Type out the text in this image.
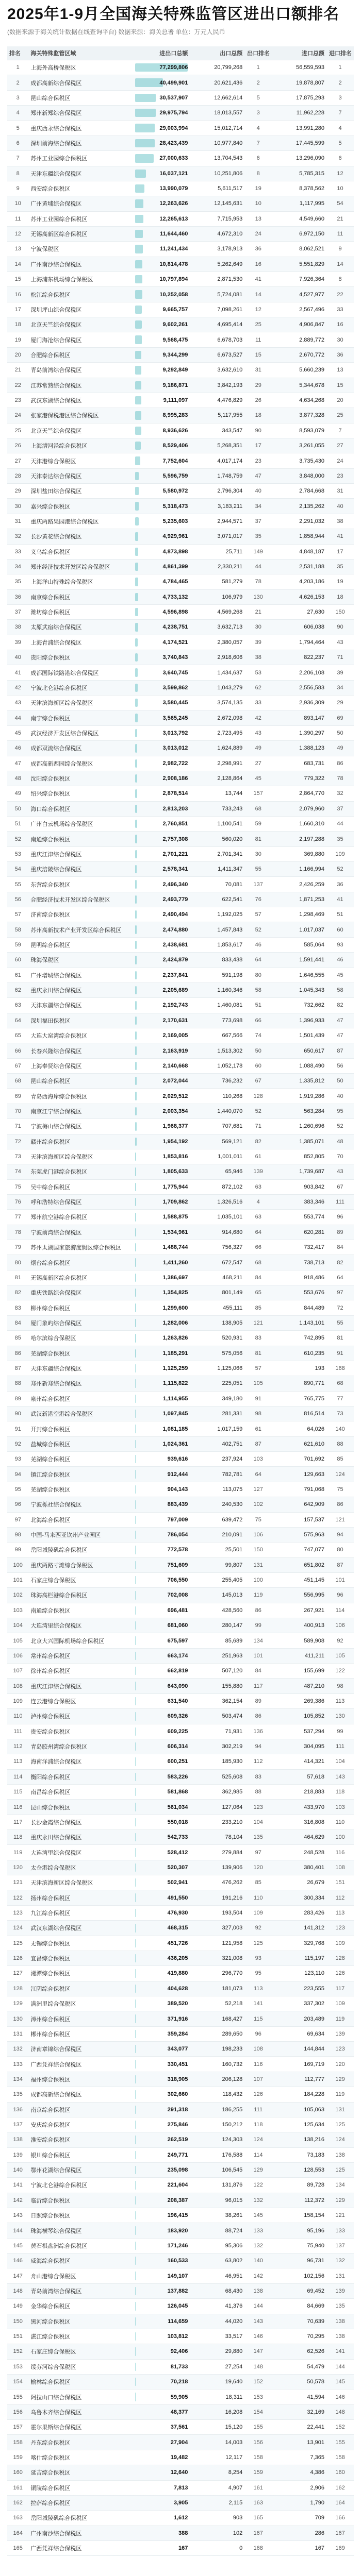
2025年1-9月全国海关特殊监管区进出口额排名
(数据来源于海关统计数据在线查询平台) 数据来源：海关总署 单位：万元人民币
排名	海关特殊监管区域	进出口总额	出口总额	出口排名	进口总额	进口排名
1	上海外高桥保税区	77,299,806	20,799,268	1	56,559,593	1
2	成都高新综合保税区	40,499,901	20,621,436	2	19,878,807	2
3	昆山综合保税区	30,537,907	12,662,614	5	17,875,293	3
4	郑州新郑综合保税区	29,975,794	18,013,557	3	11,962,228	7
5	重庆西永综合保税区	29,003,994	15,012,714	4	13,991,280	4
6	深圳前海综合保税区	28,423,439	10,977,840	7	17,445,599	5
7	苏州工业园综合保税区	27,000,633	13,704,543	6	13,296,090	6
8	天津东疆综合保税区	16,037,121	10,251,806	8	5,785,315	12
9	西安综合保税区	13,990,079	5,611,517	19	8,378,562	10
10	广州黄埔综合保税区	12,263,626	12,145,631	10	1,117,995	54
11	苏州工业园综合保税区	12,265,613	7,715,953	13	4,549,660	21
12	无锡高新区综合保税区	11,644,460	4,672,310	24	6,972,150	11
13	宁波保税区	11,241,434	3,178,913	36	8,062,521	9
14	广州南沙综合保税区	10,814,478	5,262,649	16	5,551,829	14
15	上海浦东机场综合保税区	10,797,894	2,871,530	41	7,926,364	8
16	松江综合保税区	10,252,058	5,724,081	14	4,527,977	22
17	深圳坪山综合保税区	9,665,757	7,098,261	12	2,567,496	33
18	北京天竺综合保税区	9,602,261	4,695,414	25	4,906,847	16
19	厦门海沧综合保税区	9,568,475	6,678,703	11	2,889,772	30
20	合肥综合保税区	9,344,299	6,673,527	15	2,670,772	36
21	青岛前湾综合保税区	9,292,849	3,632,610	31	5,660,239	13
22	江苏常熟综合保税区	9,186,871	3,842,193	29	5,344,678	15
23	武汉东湖综合保税区	9,111,097	4,476,829	26	4,634,268	20
24	张家港保税港区综合保税区	8,995,283	5,117,955	18	3,877,328	25
25	北京天竺综合保税区	8,936,626	343,547	90	8,593,079	7
26	上海漕河泾综合保税区	8,529,406	5,268,351	17	3,261,055	27
27	天津港综合保税区	7,752,604	4,017,174	23	3,735,430	24
28	天津泰达综合保税区	5,596,759	1,748,759	47	3,848,000	23
29	深圳盐田综合保税区	5,580,972	2,796,304	40	2,784,668	31
30	嘉兴综合保税区	5,318,473	3,183,211	34	2,135,262	40
31	重庆两路果园港综合保税区	5,235,603	2,944,571	37	2,291,032	38
32	长沙黄花综合保税区	4,929,961	3,071,017	35	1,858,944	41
33	义乌综合保税区	4,873,898	25,711	149	4,848,187	17
34	郑州经济技术开发区综合保税区	4,861,399	2,330,211	44	2,531,188	35
35	上海洋山特殊综合保税区	4,784,465	581,279	78	4,203,186	19
36	南京综合保税区	4,733,132	106,979	130	4,626,153	18
37	潍坊综合保税区	4,596,898	4,569,268	21	27,630	150
38	太原武宿综合保税区	4,238,751	3,632,713	30	606,038	90
39	上海青浦综合保税区	4,174,521	2,380,057	39	1,794,464	43
40	贵阳综合保税区	3,740,843	2,918,606	38	822,237	71
41	成都国际铁路港综合保税区	3,640,745	1,434,637	53	2,206,108	39
42	宁波北仑港综合保税区	3,599,862	1,043,279	62	2,556,583	34
43	天津滨海新区综合保税区	3,580,445	3,574,135	33	2,936,309	29
44	南宁综合保税区	3,565,245	2,672,098	42	893,147	69
45	武汉经济开发区综合保税区	3,013,792	2,723,495	43	1,390,297	50
46	成都双流综合保税区	3,013,012	1,624,889	49	1,388,123	49
47	成都高新西园综合保税区	2,982,722	2,298,991	27	683,731	86
48	沈阳综合保税区	2,908,186	2,128,864	45	779,322	78
49	绍兴综合保税区	2,878,514	13,744	157	2,864,770	32
50	海口综合保税区	2,813,203	733,243	68	2,079,960	37
51	广州白云机场综合保税区	2,760,851	1,100,541	59	1,660,310	44
52	南通综合保税区	2,757,308	560,020	81	2,197,288	35
53	重庆江津综合保税区	2,701,221	2,701,341	30	369,880	109
54	重庆涪陵综合保税区	2,578,341	1,411,347	55	1,166,994	52
55	东营综合保税区	2,496,340	70,081	137	2,426,259	36
56	合肥经济技术开发区综合保税区	2,493,779	622,541	76	1,871,253	41
57	济南综合保税区	2,490,494	1,192,025	57	1,298,469	51
58	苏州高新技术产业开发区综合保税区	2,474,880	1,457,843	52	1,017,037	60
59	昆明综合保税区	2,438,681	1,853,617	46	585,064	93
60	珠海保税区	2,424,879	833,438	64	1,591,441	46
61	广州增城综合保税区	2,237,841	591,198	80	1,646,555	45
62	重庆永川综合保税区	2,205,689	1,160,346	58	1,045,343	58
63	天津东疆综合保税区	2,192,743	1,460,081	51	732,662	82
64	深圳福田保税区	2,170,631	773,698	66	1,396,933	47
65	大连大窑湾综合保税区	2,169,005	667,566	74	1,501,439	47
66	长春兴隆综合保税区	2,163,919	1,513,302	50	650,617	87
67	上海奉贤综合保税区	2,140,668	1,052,178	60	1,088,490	56
68	昆山综合保税区	2,072,044	736,232	67	1,335,812	50
69	青岛西海岸综合保税区	2,029,512	110,268	128	1,919,286	40
70	南京江宁综合保税区	2,003,354	1,440,070	52	563,284	95
71	宁波梅山综合保税区	1,968,377	707,681	71	1,260,696	52
72	赣州综合保税区	1,954,192	569,121	82	1,385,071	48
73	天津滨海新区综合保税区	1,853,816	1,001,011	61	852,805	70
74	东莞虎门港综合保税区	1,805,633	65,946	139	1,739,687	43
75	吴中综合保税区	1,775,944	872,102	63	903,842	67
76	呼和浩特综合保税区	1,709,862	1,326,516	4	383,346	111
77	郑州航空港综合保税区	1,588,875	1,035,101	63	553,774	96
78	宁波前湾综合保税区	1,534,961	914,680	64	620,281	89
79	苏州太湖国家旅游度假区综合保税区	1,488,744	756,327	66	732,417	84
80	烟台综合保税区	1,411,260	672,547	68	738,713	82
81	无锡高新区综合保税区	1,386,697	468,211	84	918,486	64
82	重庆铁路综合保税区	1,354,825	801,149	65	553,676	97
83	柳州综合保税区	1,299,600	455,111	85	844,489	72
84	厦门象屿综合保税区	1,282,006	138,905	121	1,143,101	55
85	哈尔滨综合保税区	1,263,826	520,931	83	742,895	81
86	芜湖综合保税区	1,185,291	575,056	81	610,235	91
87	天津东疆综合保税区	1,125,259	1,125,066	57	193	168
88	郑州新郑综合保税区	1,115,822	225,051	105	890,771	68
89	泉州综合保税区	1,114,955	349,180	91	765,775	77
90	武汉新港空港综合保税区	1,097,845	281,331	98	816,514	73
91	开封综合保税区	1,081,185	1,017,159	61	64,026	140
92	盐城综合保税区	1,024,361	402,751	87	621,610	88
93	芜湖综合保税区	939,616	237,924	103	701,692	85
94	镇江综合保税区	912,444	782,781	64	129,663	124
95	芜湖综合保税区	904,143	113,075	127	791,068	75
96	宁波栎社综合保税区	883,439	240,530	102	642,909	86
97	北海综合保税区	797,009	639,472	75	157,537	121
98	中国-马来西亚钦州产业园区	786,054	210,091	106	575,963	94
99	岳阳城陵矶综合保税区	772,578	25,501	150	747,077	80
100	重庆两路寸滩综合保税区	751,609	99,807	131	651,802	87
101	石家庄综合保税区	706,550	255,405	100	451,145	101
102	珠海高栏港综合保税区	702,008	145,013	119	556,995	96
103	南通综合保税区	696,481	428,560	86	267,921	114
104	大连湾里综合保税区	681,060	280,147	99	400,913	106
105	北京大兴国际机场综合保税区	675,597	85,689	134	589,908	92
106	常州综合保税区	663,174	251,963	101	411,211	105
107	徐州综合保税区	662,819	507,120	84	155,699	122
108	重庆江津综合保税区	643,090	155,880	117	487,210	98
109	连云港综合保税区	631,540	362,154	89	269,386	113
110	泸州综合保税区	609,326	503,474	86	105,852	130
111	贵安综合保税区	609,225	71,931	136	537,294	99
112	青岛胶州湾综合保税区	606,314	302,219	94	304,095	111
113	海南洋浦综合保税区	600,251	185,930	112	414,321	104
114	衡阳综合保税区	583,226	525,608	83	57,618	143
115	南昌综合保税区	581,868	362,985	88	218,883	118
116	昆山综合保税区	561,034	127,064	123	433,970	103
117	长沙金霞综合保税区	550,018	233,210	104	316,808	110
118	重庆永川综合保税区	542,733	78,104	135	464,629	100
119	大连湾里综合保税区	528,412	279,884	97	248,528	116
120	太仓港综合保税区	520,307	139,906	120	380,401	108
121	天津滨海新区综合保税区	502,941	476,262	85	26,679	151
122	扬州综合保税区	491,550	191,216	110	300,334	112
123	九江综合保税区	476,930	193,504	109	283,426	113
124	武汉东湖综合保税区	468,315	327,003	92	141,312	123
125	无锡综合保税区	451,726	121,958	125	329,768	109
126	宜昌综合保税区	436,205	321,008	93	115,197	128
127	湘潭综合保税区	419,880	296,770	95	123,110	126
128	江阴综合保税区	404,628	181,073	113	223,555	117
129	满洲里综合保税区	389,520	52,218	141	337,302	109
130	漳州综合保税区	371,916	168,427	115	203,489	119
131	郴州综合保税区	359,284	289,650	96	69,634	139
132	济南章锦综合保税区	343,077	198,233	108	144,844	123
133	广西凭祥综合保税区	330,451	160,732	116	169,719	120
134	福州综合保税区	318,905	206,128	107	112,777	129
135	成都高新综合保税区	302,660	118,432	126	184,228	119
136	南京综合保税区	291,318	186,255	111	105,063	131
137	安庆综合保税区	275,846	150,212	118	125,634	125
138	淮安综合保税区	262,519	124,303	124	138,216	124
139	银川综合保税区	249,771	176,588	114	73,183	138
140	鄂州花湖综合保税区	235,098	106,545	129	128,553	125
141	宁波北仑港综合保税区	221,604	131,876	122	89,728	134
142	临沂综合保税区	208,387	96,015	132	112,372	129
143	日照综合保税区	196,415	38,261	145	158,154	121
144	珠海横琴综合保税区	183,920	88,724	133	95,196	133
145	黄石棋盘洲综合保税区	171,246	95,306	132	75,940	137
146	威海综合保税区	160,533	63,802	140	96,731	132
147	舟山港综合保税区	149,107	46,951	142	102,156	131
148	青岛前湾综合保税区	137,882	68,430	138	69,452	139
149	金华综合保税区	126,045	41,376	144	84,669	135
150	黑河综合保税区	114,659	44,020	143	70,639	138
151	湛江综合保税区	103,812	33,517	146	70,295	138
152	石家庄综合保税区	92,406	29,880	147	62,526	141
153	绥芬河综合保税区	81,733	27,254	148	54,479	144
154	榆林综合保税区	70,218	19,640	152	50,578	145
155	阿拉山口综合保税区	59,905	18,311	153	41,594	146
156	乌鲁木齐综合保税区	48,377	16,208	154	32,169	148
157	霍尔果斯综合保税区	37,561	15,120	155	22,441	152
158	丹东综合保税区	27,904	14,003	156	13,901	155
159	喀什综合保税区	19,482	12,117	158	7,365	158
160	延吉综合保税区	12,640	8,254	159	4,386	160
161	铜陵综合保税区	7,813	4,907	161	2,906	162
162	拉萨综合保税区	3,905	2,115	163	1,790	164
163	岳阳城陵矶综合保税区	1,612	903	165	709	166
164	广州南沙综合保税区	388	102	167	286	167
165	广西凭祥综合保税区	167	0	168	167	169
